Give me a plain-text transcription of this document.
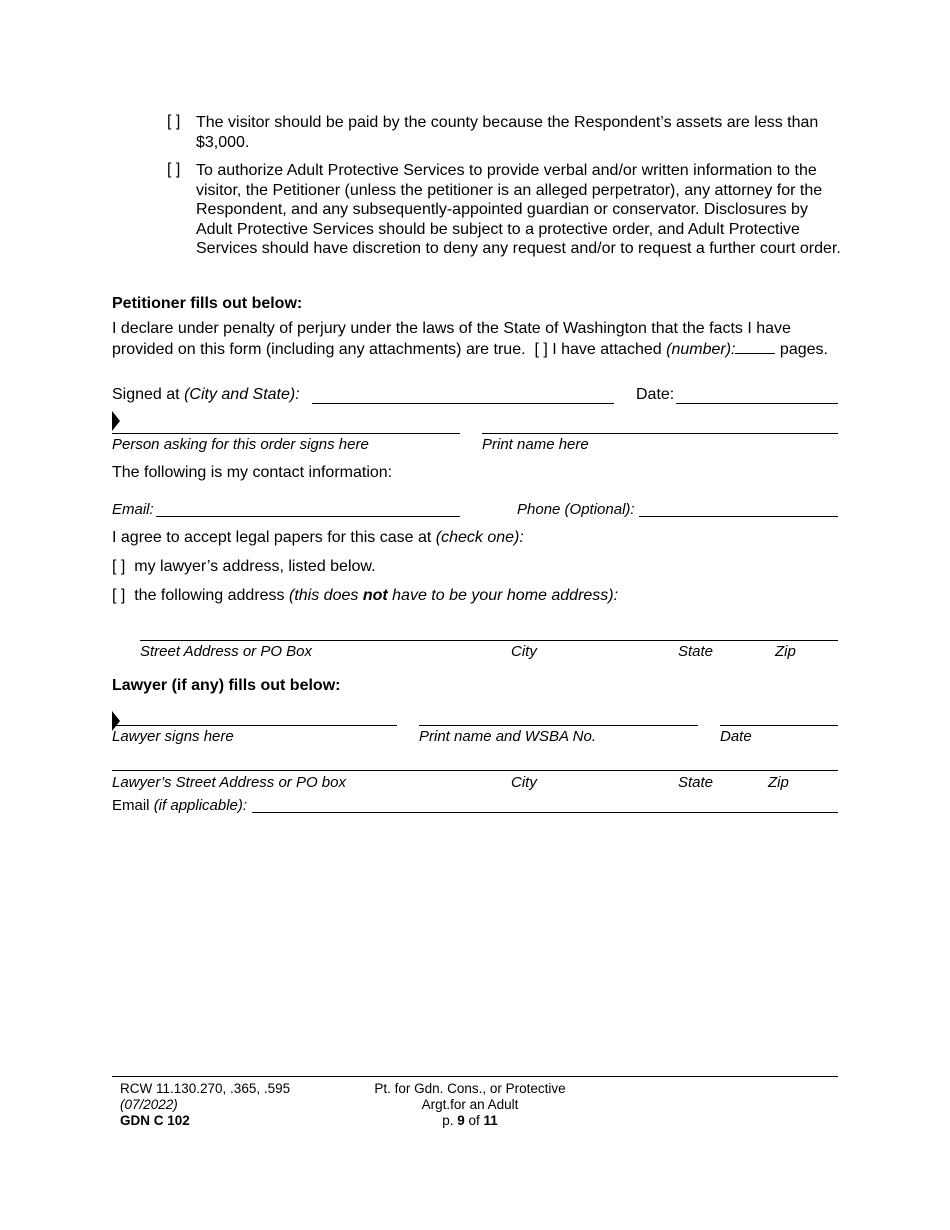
[ ] The visitor should be paid by the county because the Respondent’s assets are less than $3,000.
[ ] To authorize Adult Protective Services to provide verbal and/or written information to the visitor, the Petitioner (unless the petitioner is an alleged perpetrator), any attorney for the Respondent, and any subsequently-appointed guardian or conservator. Disclosures by Adult Protective Services should be subject to a protective order, and Adult Protective Services should have discretion to deny any request and/or to request a further court order.
Petitioner fills out below:
I declare under penalty of perjury under the laws of the State of Washington that the facts I have provided on this form (including any attachments) are true. [ ] I have attached (number):	pages.
Signed at (City and State):	Date:
Person asking for this order signs here	Print name here
The following is my contact information:
Email:	Phone (Optional):
I agree to accept legal papers for this case at (check one):
[ ] my lawyer’s address, listed below.
[ ] the following address (this does not have to be your home address):
Street Address or PO Box	City	State	Zip
Lawyer (if any) fills out below:
Lawyer signs here	Print name and WSBA No.	Date
Lawyer’s Street Address or PO box	City	State	Zip
Email (if applicable):
RCW 11.130.270, .365, .595
(07/2022)
GDN C 102
Pt. for Gdn. Cons., or Protective
Argt.for an Adult
p. 9 of 11
